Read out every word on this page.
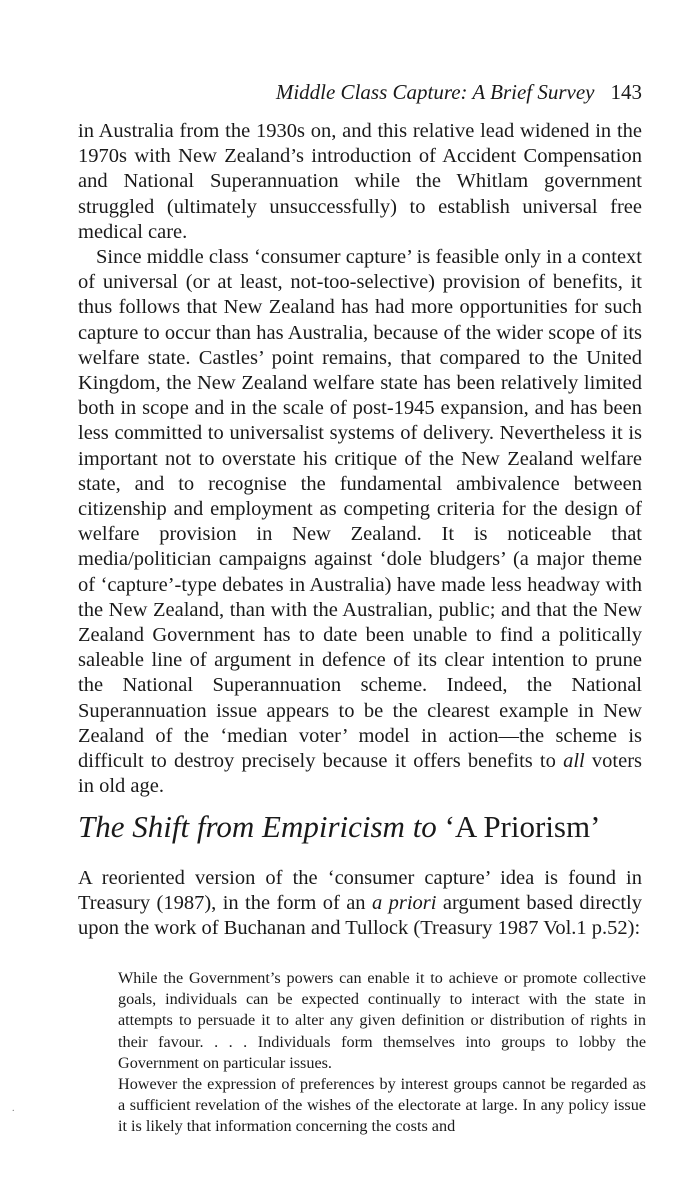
Middle Class Capture: A Brief Survey 143

in Australia from the 1930s on, and this relative lead widened in the 1970s with New Zealand’s introduction of Accident Compensation and National Superannuation while the Whitlam government struggled (ultimately unsuccessfully) to establish universal free medical care.

Since middle class ‘consumer capture’ is feasible only in a context of universal (or at least, not-too-selective) provision of benefits, it thus follows that New Zealand has had more opportunities for such capture to occur than has Australia, because of the wider scope of its welfare state. Castles’ point remains, that compared to the United Kingdom, the New Zealand welfare state has been relatively limited both in scope and in the scale of post-1945 expansion, and has been less committed to universalist systems of delivery. Nevertheless it is important not to overstate his critique of the New Zealand welfare state, and to recognise the fundamental ambivalence between citizenship and employment as competing criteria for the design of welfare provision in New Zealand. It is noticeable that media/politician campaigns against ‘dole bludgers’ (a major theme of ‘capture’-type debates in Australia) have made less headway with the New Zealand, than with the Australian, public; and that the New Zealand Government has to date been unable to find a politically saleable line of argument in defence of its clear intention to prune the National Superannuation scheme. Indeed, the National Superannuation issue appears to be the clearest example in New Zealand of the ‘median voter’ model in action—the scheme is difficult to destroy precisely because it offers benefits to all voters in old age.

The Shift from Empiricism to ‘A Priorism’

A reoriented version of the ‘consumer capture’ idea is found in Treasury (1987), in the form of an a priori argument based directly upon the work of Buchanan and Tullock (Treasury 1987 Vol.1 p.52):

While the Government’s powers can enable it to achieve or promote collective goals, individuals can be expected continually to interact with the state in attempts to persuade it to alter any given definition or distribution of rights in their favour. . . . Individuals form themselves into groups to lobby the Government on particular issues.

However the expression of preferences by interest groups cannot be regarded as a sufficient revelation of the wishes of the electorate at large. In any policy issue it is likely that information concerning the costs and

.
